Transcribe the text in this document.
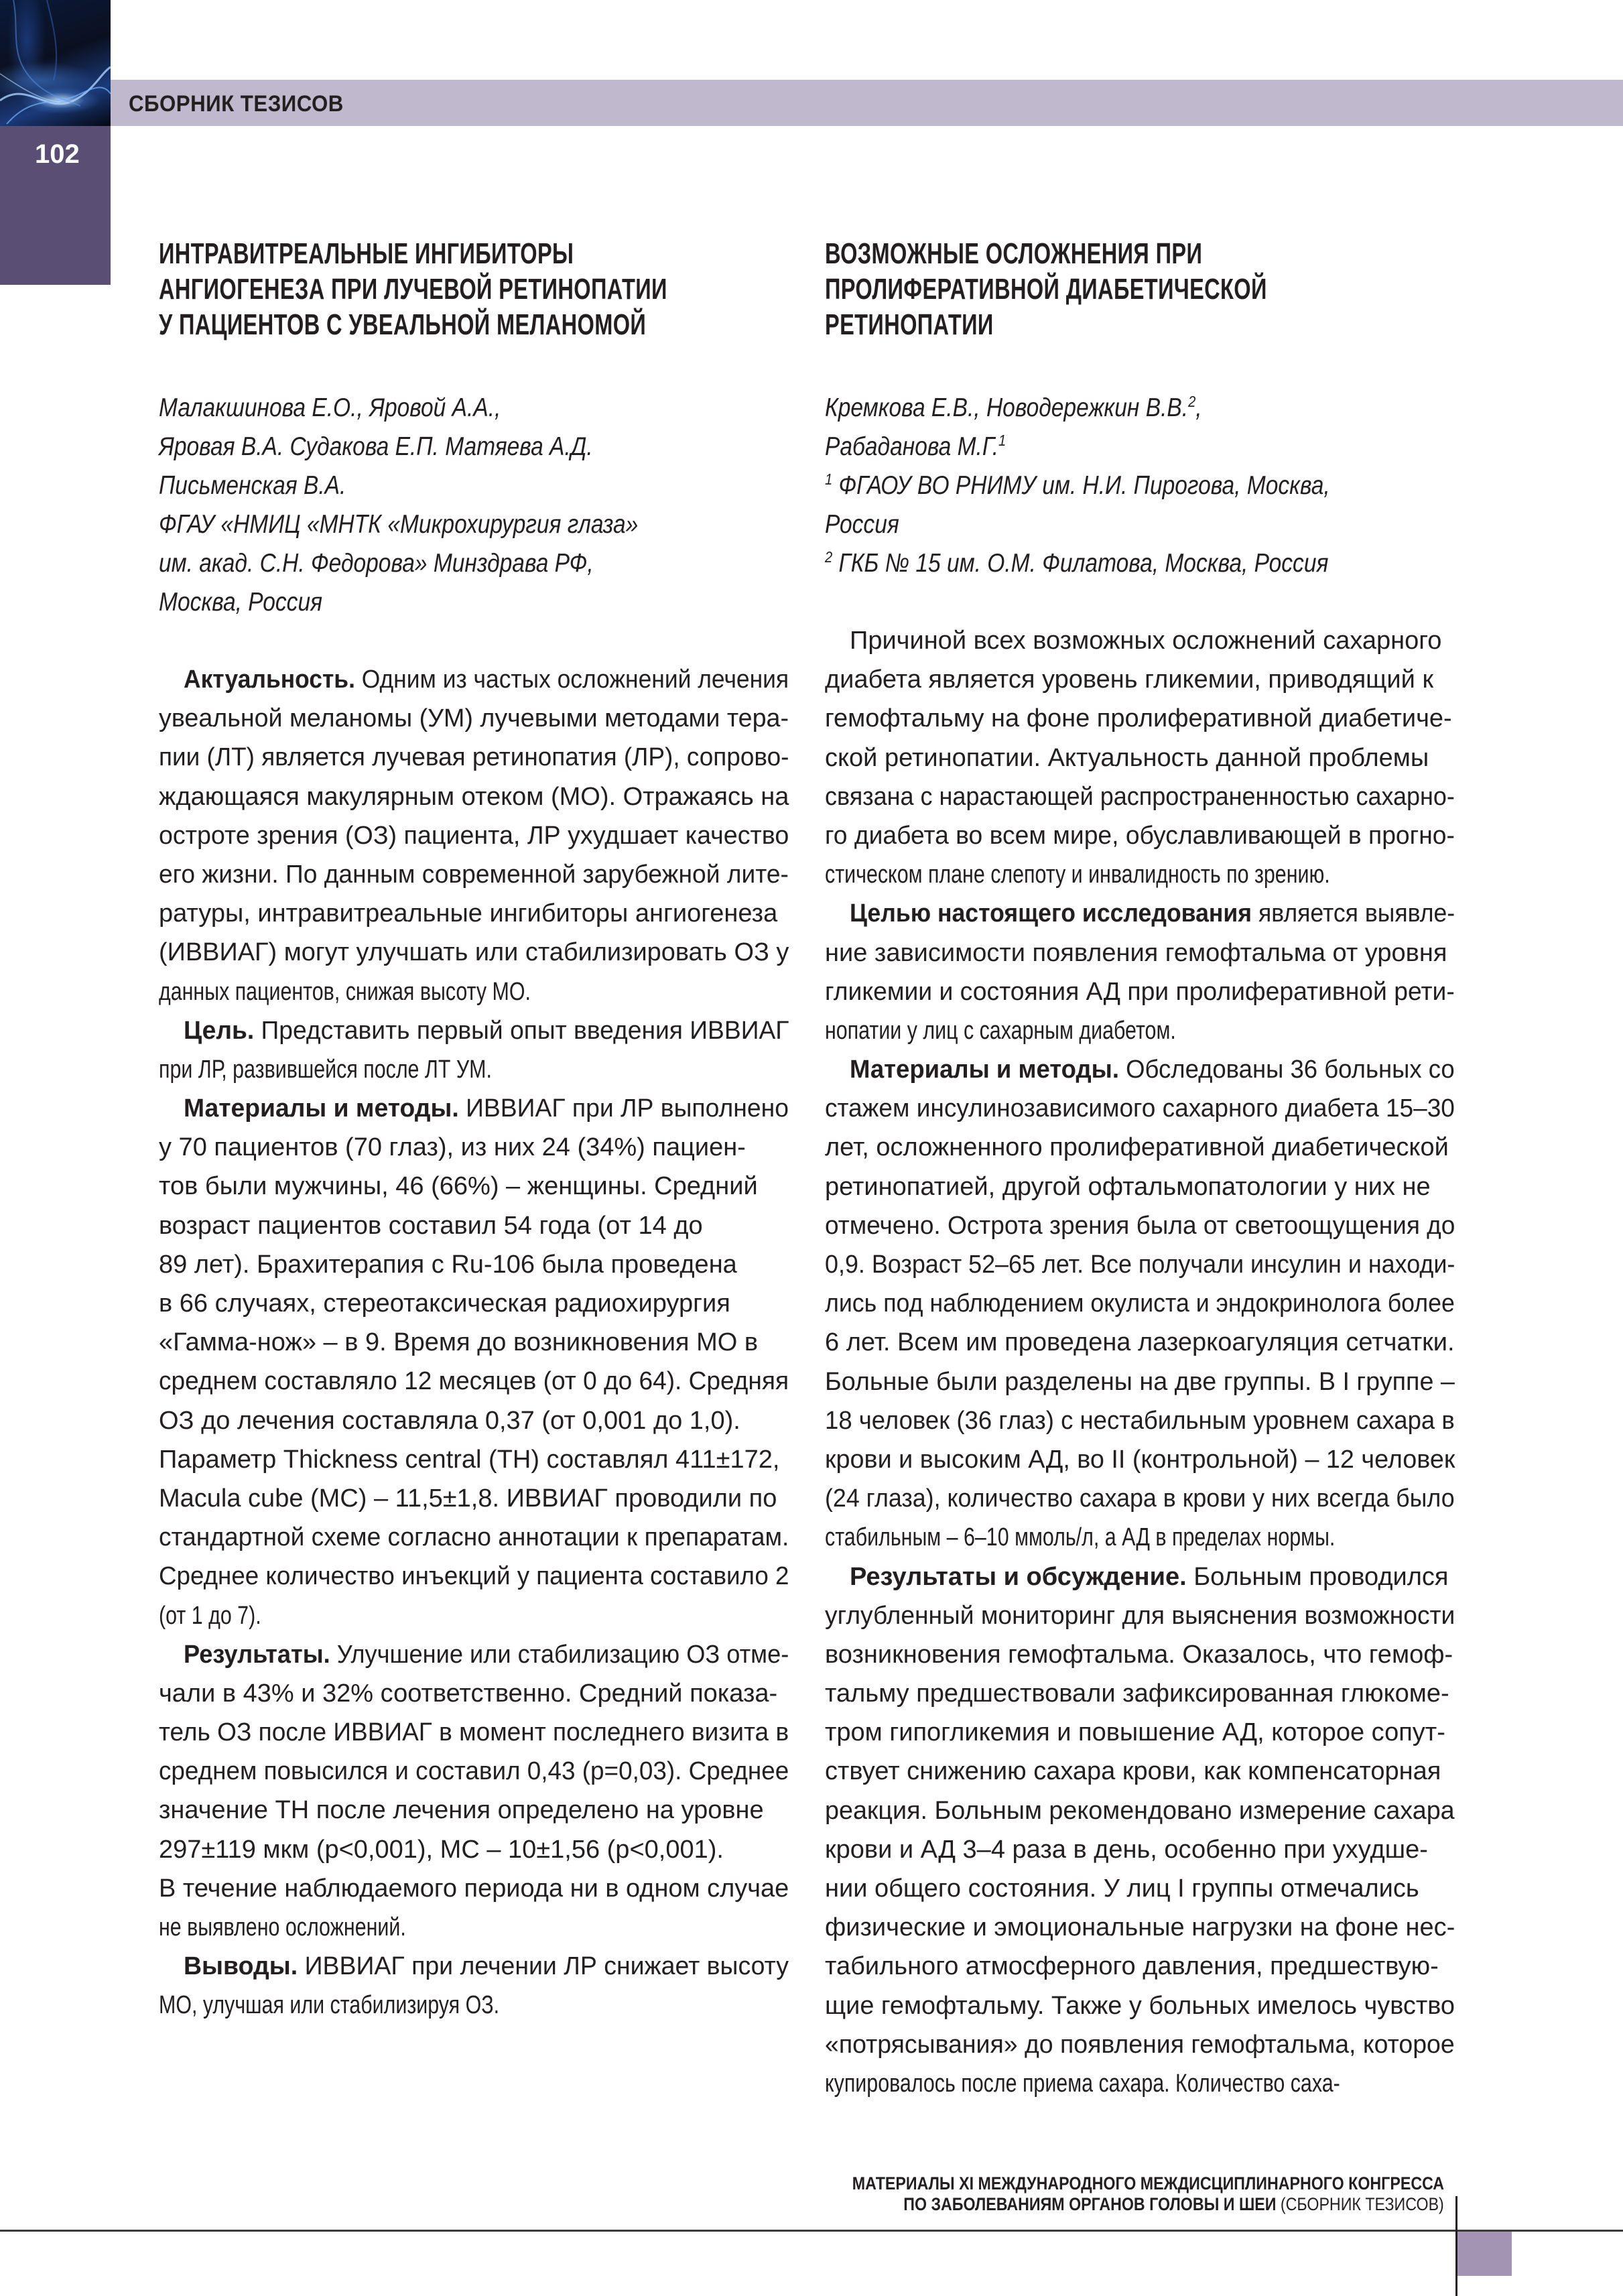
СБОРНИК ТЕЗИСОВ
102
ИНТРАВИТРЕАЛЬНЫЕ ИНГИБИТОРЫ
АНГИОГЕНЕЗА ПРИ ЛУЧЕВОЙ РЕТИНОПАТИИ
У ПАЦИЕНТОВ С УВЕАЛЬНОЙ МЕЛАНОМОЙ
Малакшинова Е.О., Яровой А.А.,
Яровая В.А. Судакова Е.П. Матяева А.Д.
Письменская В.А.
ФГАУ «НМИЦ «МНТК «Микрохирургия глаза»
им. акад. С.Н. Федорова» Минздрава РФ,
Москва, Россия
Актуальность. Одним из частых осложнений лечения
увеальной меланомы (УМ) лучевыми методами тера-
пии (ЛТ) является лучевая ретинопатия (ЛР), сопрово-
ждающаяся макулярным отеком (МО). Отражаясь на
остроте зрения (ОЗ) пациента, ЛР ухудшает качество
его жизни. По данным современной зарубежной лите-
ратуры, интравитреальные ингибиторы ангиогенеза
(ИВВИАГ) могут улучшать или стабилизировать ОЗ у
данных пациентов, снижая высоту МО.
Цель. Представить первый опыт введения ИВВИАГ
при ЛР, развившейся после ЛТ УМ.
Материалы и методы. ИВВИАГ при ЛР выполнено
у 70 пациентов (70 глаз), из них 24 (34%) пациен-
тов были мужчины, 46 (66%) – женщины. Средний
возраст пациентов составил 54 года (от 14 до
89 лет). Брахитерапия с Ru-106 была проведена
в 66 случаях, стереотаксическая радиохирургия
«Гамма-нож» – в 9. Время до возникновения МО в
среднем составляло 12 месяцев (от 0 до 64). Средняя
ОЗ до лечения составляла 0,37 (от 0,001 до 1,0).
Параметр Thickness central (TH) составлял 411±172,
Macula cube (MC) – 11,5±1,8. ИВВИАГ проводили по
стандартной схеме согласно аннотации к препаратам.
Среднее количество инъекций у пациента составило 2
(от 1 до 7).
Результаты. Улучшение или стабилизацию ОЗ отме-
чали в 43% и 32% соответственно. Средний показа-
тель ОЗ после ИВВИАГ в момент последнего визита в
среднем повысился и составил 0,43 (p=0,03). Среднее
значение TH после лечения определено на уровне
297±119 мкм (p<0,001), MC – 10±1,56 (p<0,001).
В течение наблюдаемого периода ни в одном случае
не выявлено осложнений.
Выводы. ИВВИАГ при лечении ЛР снижает высоту
МО, улучшая или стабилизируя ОЗ.
ВОЗМОЖНЫЕ ОСЛОЖНЕНИЯ ПРИ
ПРОЛИФЕРАТИВНОЙ ДИАБЕТИЧЕСКОЙ
РЕТИНОПАТИИ
Кремкова Е.В., Новодережкин В.В.$^2$,
Рабаданова М.Г.$^1$
$^1$ ФГАОУ ВО РНИМУ им. Н.И. Пирогова, Москва,
Россия
$^2$ ГКБ № 15 им. О.М. Филатова, Москва, Россия
Причиной всех возможных осложнений сахарного
диабета является уровень гликемии, приводящий к
гемофтальму на фоне пролиферативной диабетиче-
ской ретинопатии. Актуальность данной проблемы
связана с нарастающей распространенностью сахарно-
го диабета во всем мире, обуславливающей в прогно-
стическом плане слепоту и инвалидность по зрению.
Целью настоящего исследования является выявле-
ние зависимости появления гемофтальма от уровня
гликемии и состояния АД при пролиферативной рети-
нопатии у лиц с сахарным диабетом.
Материалы и методы. Обследованы 36 больных со
стажем инсулинозависимого сахарного диабета 15–30
лет, осложненного пролиферативной диабетической
ретинопатией, другой офтальмопатологии у них не
отмечено. Острота зрения была от светоощущения до
0,9. Возраст 52–65 лет. Все получали инсулин и находи-
лись под наблюдением окулиста и эндокринолога более
6 лет. Всем им проведена лазеркоагуляция сетчатки.
Больные были разделены на две группы. В I группе –
18 человек (36 глаз) с нестабильным уровнем сахара в
крови и высоким АД, во II (контрольной) – 12 человек
(24 глаза), количество сахара в крови у них всегда было
стабильным – 6–10 ммоль/л, а АД в пределах нормы.
Результаты и обсуждение. Больным проводился
углубленный мониторинг для выяснения возможности
возникновения гемофтальма. Оказалось, что гемоф-
тальму предшествовали зафиксированная глюкоме-
тром гипогликемия и повышение АД, которое сопут-
ствует снижению сахара крови, как компенсаторная
реакция. Больным рекомендовано измерение сахара
крови и АД 3–4 раза в день, особенно при ухудше-
нии общего состояния. У лиц I группы отмечались
физические и эмоциональные нагрузки на фоне нес-
табильного атмосферного давления, предшествую-
щие гемофтальму. Также у больных имелось чувство
«потрясывания» до появления гемофтальма, которое
купировалось после приема сахара. Количество саха-
МАТЕРИАЛЫ XI МЕЖДУНАРОДНОГО МЕЖДИСЦИПЛИНАРНОГО КОНГРЕССА
ПО ЗАБОЛЕВАНИЯМ ОРГАНОВ ГОЛОВЫ И ШЕИ (СБОРНИК ТЕЗИСОВ)
